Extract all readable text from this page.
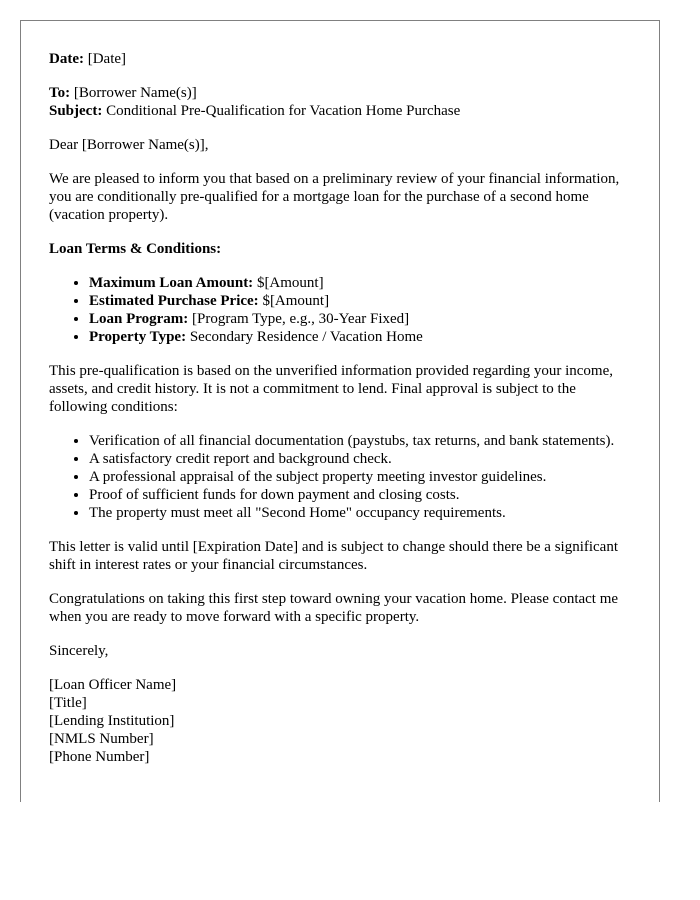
Date: [Date]

To: [Borrower Name(s)]

Subject: Conditional Pre-Qualification for Vacation Home Purchase

Dear [Borrower Name(s)],

We are pleased to inform you that based on a preliminary review of your financial information, you are conditionally pre-qualified for a mortgage loan for the purchase of a second home (vacation property).

Loan Terms & Conditions:

• Maximum Loan Amount: $[Amount]
• Estimated Purchase Price: $[Amount]
• Loan Program: [Program Type, e.g., 30-Year Fixed]
• Property Type: Secondary Residence / Vacation Home

This pre-qualification is based on the unverified information provided regarding your income, assets, and credit history. It is not a commitment to lend. Final approval is subject to the following conditions:

• Verification of all financial documentation (paystubs, tax returns, and bank statements).
• A satisfactory credit report and background check.
• A professional appraisal of the subject property meeting investor guidelines.
• Proof of sufficient funds for down payment and closing costs.
• The property must meet all "Second Home" occupancy requirements.

This letter is valid until [Expiration Date] and is subject to change should there be a significant shift in interest rates or your financial circumstances.

Congratulations on taking this first step toward owning your vacation home. Please contact me when you are ready to move forward with a specific property.

Sincerely,

[Loan Officer Name]
[Title]
[Lending Institution]
[NMLS Number]
[Phone Number]
